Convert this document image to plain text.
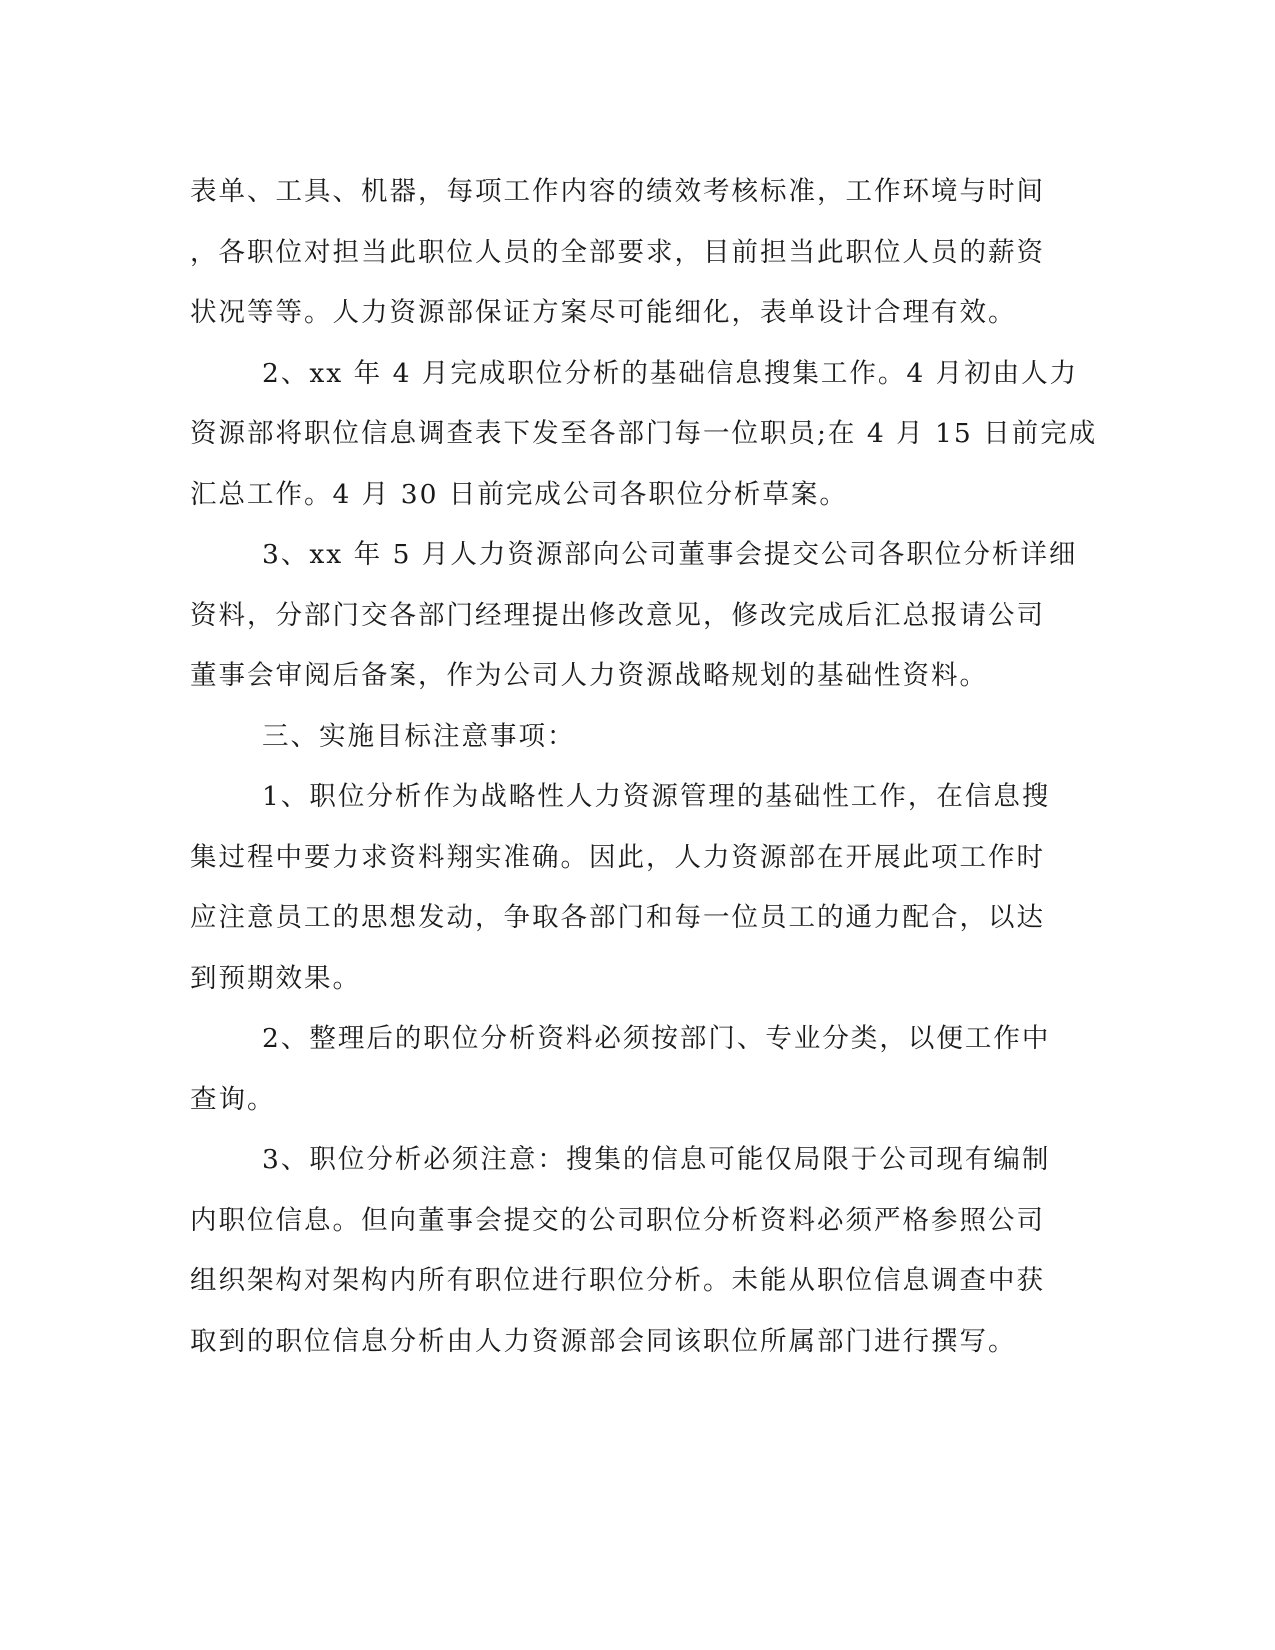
表单、工具、机器，每项工作内容的绩效考核标准，工作环境与时间
，各职位对担当此职位人员的全部要求，目前担当此职位人员的薪资
状况等等。人力资源部保证方案尽可能细化，表单设计合理有效。
2、xx 年 4 月完成职位分析的基础信息搜集工作。4 月初由人力
资源部将职位信息调查表下发至各部门每一位职员;在 4 月 15 日前完成
汇总工作。4 月 30 日前完成公司各职位分析草案。
3、xx 年 5 月人力资源部向公司董事会提交公司各职位分析详细
资料，分部门交各部门经理提出修改意见，修改完成后汇总报请公司
董事会审阅后备案，作为公司人力资源战略规划的基础性资料。
三、实施目标注意事项：
1、职位分析作为战略性人力资源管理的基础性工作，在信息搜
集过程中要力求资料翔实准确。因此，人力资源部在开展此项工作时
应注意员工的思想发动，争取各部门和每一位员工的通力配合，以达
到预期效果。
2、整理后的职位分析资料必须按部门、专业分类，以便工作中
查询。
3、职位分析必须注意：搜集的信息可能仅局限于公司现有编制
内职位信息。但向董事会提交的公司职位分析资料必须严格参照公司
组织架构对架构内所有职位进行职位分析。未能从职位信息调查中获
取到的职位信息分析由人力资源部会同该职位所属部门进行撰写。
